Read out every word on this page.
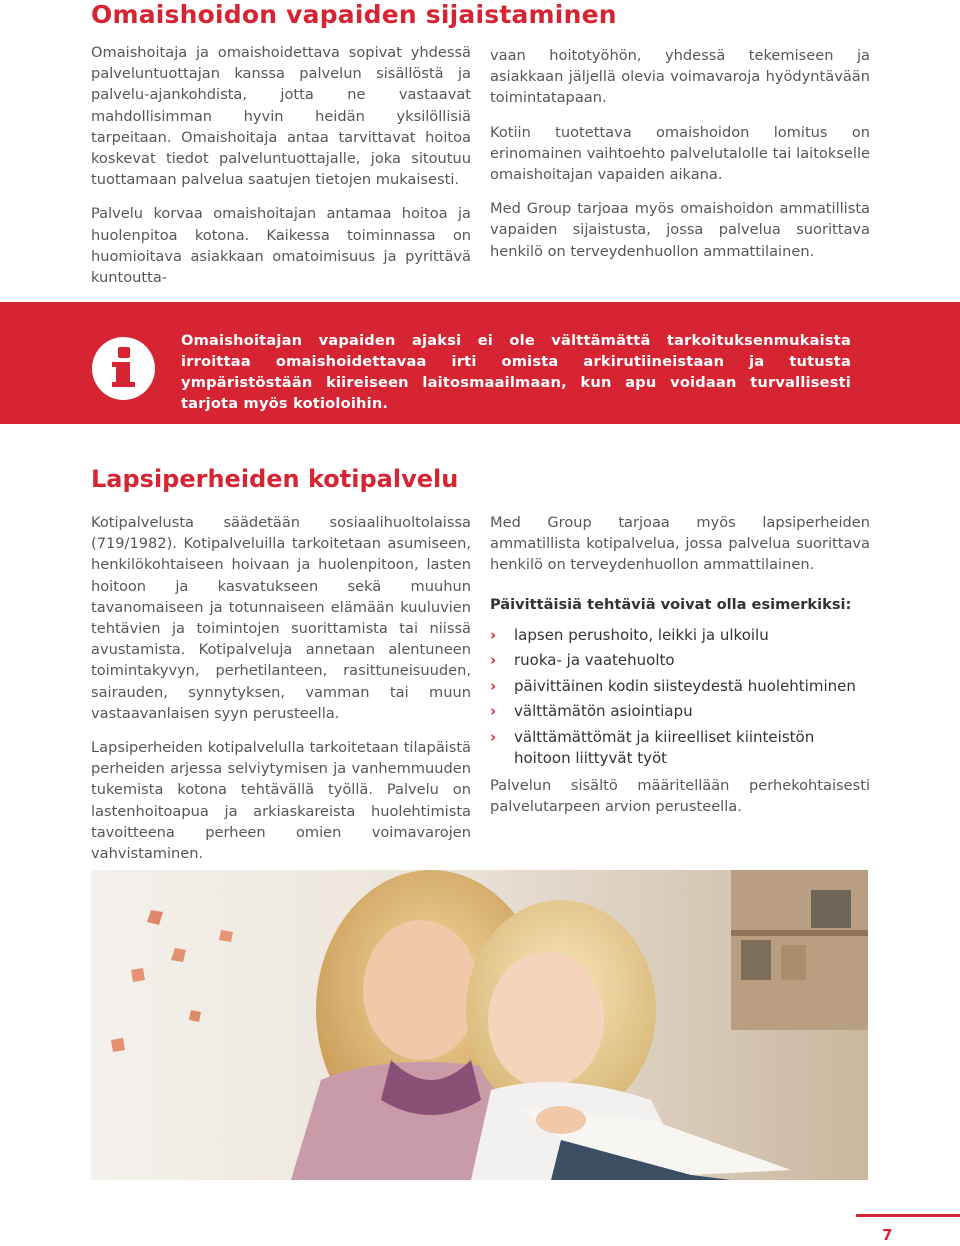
Omaishoidon vapaiden sijaistaminen

Omaishoitaja ja omaishoidettava sopivat yhdessä palveluntuottajan kanssa palvelun sisällöstä ja palvelu-ajankohdista, jotta ne vastaavat mahdollisimman hyvin heidän yksilöllisiä tarpeitaan. Omaishoitaja antaa tarvittavat hoitoa koskevat tiedot palveluntuottajalle, joka sitoutuu tuottamaan palvelua saatujen tietojen mukaisesti.

Palvelu korvaa omaishoitajan antamaa hoitoa ja huolenpitoa kotona. Kaikessa toiminnassa on huomioitava asiakkaan omatoimisuus ja pyrittävä kuntoutta-

vaan hoitotyöhön, yhdessä tekemiseen ja asiakkaan jäljellä olevia voimavaroja hyödyntävään toimintatapaan.

Kotiin tuotettava omaishoidon lomitus on erinomainen vaihtoehto palvelutalolle tai laitokselle omaishoitajan vapaiden aikana.

Med Group tarjoaa myös omaishoidon ammatillista vapaiden sijaistusta, jossa palvelua suorittava henkilö on terveydenhuollon ammattilainen.

Omaishoitajan vapaiden ajaksi ei ole välttämättä tarkoituksenmukaista irroittaa omaishoidettavaa irti omista arkirutiineistaan ja tutusta ympäristöstään kiireiseen laitosmaailmaan, kun apu voidaan turvallisesti tarjota myös kotioloihin.
Lapsiperheiden kotipalvelu

Kotipalvelusta säädetään sosiaalihuoltolaissa (719/1982). Kotipalveluilla tarkoitetaan asumiseen, henkilökohtaiseen hoivaan ja huolenpitoon, lasten hoitoon ja kasvatukseen sekä muuhun tavanomaiseen ja totunnaiseen elämään kuuluvien tehtävien ja toimintojen suorittamista tai niissä avustamista. Kotipalveluja annetaan alentuneen toimintakyvyn, perhetilanteen, rasittuneisuuden, sairauden, synnytyksen, vamman tai muun vastaavanlaisen syyn perusteella.

Lapsiperheiden kotipalvelulla tarkoitetaan tilapäistä perheiden arjessa selviytymisen ja vanhemmuuden tukemista kotona tehtävällä työllä. Palvelu on lastenhoitoapua ja arkiaskareista huolehtimista tavoitteena perheen omien voimavarojen vahvistaminen.

Med Group tarjoaa myös lapsiperheiden ammatillista kotipalvelua, jossa palvelua suorittava henkilö on terveydenhuollon ammattilainen.

Päivittäisiä tehtäviä voivat olla esimerkiksi:

› lapsen perushoito, leikki ja ulkoilu
› ruoka- ja vaatehuolto
› päivittäinen kodin siisteydestä huolehtiminen
› välttämätön asiointiapu
› välttämättömät ja kiireelliset kiinteistön hoitoon liittyvät työt

Palvelun sisältö määritellään perhekohtaisesti palvelutarpeen arvion perusteella.

7
